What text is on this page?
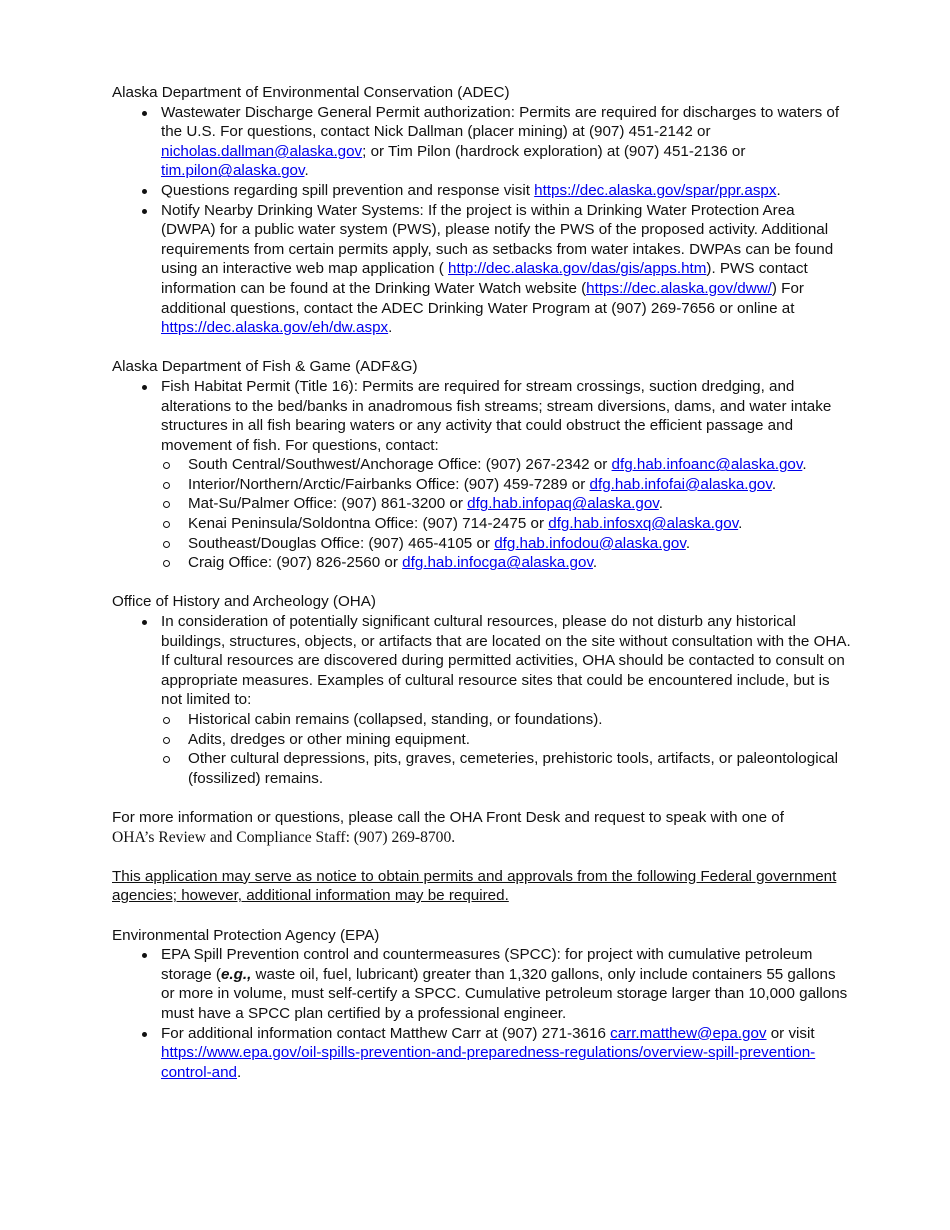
Alaska Department of Environmental Conservation (ADEC)

Wastewater Discharge General Permit authorization: Permits are required for discharges to waters of the U.S. For questions, contact Nick Dallman (placer mining) at (907) 451-2142 or nicholas.dallman@alaska.gov; or Tim Pilon (hardrock exploration) at (907) 451-2136 or tim.pilon@alaska.gov.
Questions regarding spill prevention and response visit https://dec.alaska.gov/spar/ppr.aspx.
Notify Nearby Drinking Water Systems: If the project is within a Drinking Water Protection Area (DWPA) for a public water system (PWS), please notify the PWS of the proposed activity. Additional requirements from certain permits apply, such as setbacks from water intakes. DWPAs can be found using an interactive web map application ( http://dec.alaska.gov/das/gis/apps.htm). PWS contact information can be found at the Drinking Water Watch website (https://dec.alaska.gov/dww/) For additional questions, contact the ADEC Drinking Water Program at (907) 269-7656 or online at https://dec.alaska.gov/eh/dw.aspx.

Alaska Department of Fish & Game (ADF&G)

Fish Habitat Permit (Title 16): Permits are required for stream crossings, suction dredging, and alterations to the bed/banks in anadromous fish streams; stream diversions, dams, and water intake structures in all fish bearing waters or any activity that could obstruct the efficient passage and movement of fish. For questions, contact:
South Central/Southwest/Anchorage Office: (907) 267-2342 or dfg.hab.infoanc@alaska.gov.
Interior/Northern/Arctic/Fairbanks Office: (907) 459-7289 or dfg.hab.infofai@alaska.gov.
Mat-Su/Palmer Office: (907) 861-3200 or dfg.hab.infopaq@alaska.gov.
Kenai Peninsula/Soldontna Office: (907) 714-2475 or dfg.hab.infosxq@alaska.gov.
Southeast/Douglas Office: (907) 465-4105 or dfg.hab.infodou@alaska.gov.
Craig Office: (907) 826-2560 or dfg.hab.infocga@alaska.gov.

Office of History and Archeology (OHA)

In consideration of potentially significant cultural resources, please do not disturb any historical buildings, structures, objects, or artifacts that are located on the site without consultation with the OHA. If cultural resources are discovered during permitted activities, OHA should be contacted to consult on appropriate measures. Examples of cultural resource sites that could be encountered include, but is not limited to:
Historical cabin remains (collapsed, standing, or foundations).
Adits, dredges or other mining equipment.
Other cultural depressions, pits, graves, cemeteries, prehistoric tools, artifacts, or paleontological (fossilized) remains.

For more information or questions, please call the OHA Front Desk and request to speak with one of
OHA’s Review and Compliance Staff: (907) 269-8700.

This application may serve as notice to obtain permits and approvals from the following Federal government agencies; however, additional information may be required.

Environmental Protection Agency (EPA)

EPA Spill Prevention control and countermeasures (SPCC): for project with cumulative petroleum storage (e.g., waste oil, fuel, lubricant) greater than 1,320 gallons, only include containers 55 gallons or more in volume, must self-certify a SPCC. Cumulative petroleum storage larger than 10,000 gallons must have a SPCC plan certified by a professional engineer.
For additional information contact Matthew Carr at (907) 271-3616 carr.matthew@epa.gov or visit https://www.epa.gov/oil-spills-prevention-and-preparedness-regulations/overview-spill-prevention-control-and.
